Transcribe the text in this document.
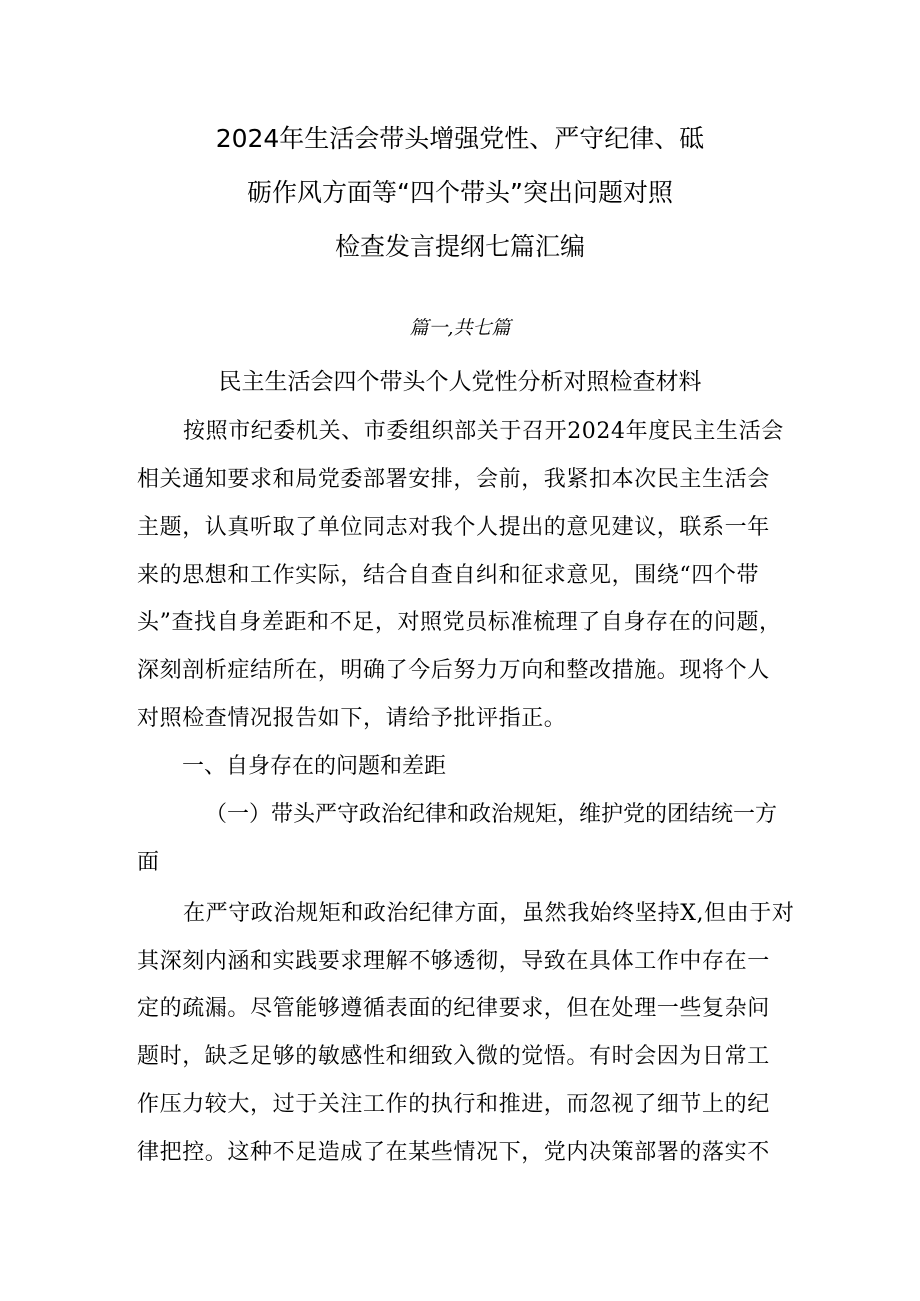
2024年生活会带头增强党性、严守纪律、砥
砺作风方面等“四个带头”突出问题对照
检查发言提纲七篇汇编
篇一,共七篇
民主生活会四个带头个人党性分析对照检查材料
按照市纪委机关、市委组织部关于召开2024年度民主生活会
相关通知要求和局党委部署安排，会前，我紧扣本次民主生活会
主题，认真听取了单位同志对我个人提出的意见建议，联系一年
来的思想和工作实际，结合自查自纠和征求意见，围绕“四个带
头”查找自身差距和不足，对照党员标准梳理了自身存在的问题，
深刻剖析症结所在，明确了今后努力万向和整改措施。现将个人
对照检查情况报告如下，请给予批评指正。
一、自身存在的问题和差距
（一）带头严守政治纪律和政治规矩，维护党的团结统一方
面
在严守政治规矩和政治纪律方面，虽然我始终坚持X,但由于对
其深刻内涵和实践要求理解不够透彻，导致在具体工作中存在一
定的疏漏。尽管能够遵循表面的纪律要求，但在处理一些复杂问
题时，缺乏足够的敏感性和细致入微的觉悟。有时会因为日常工
作压力较大，过于关注工作的执行和推进，而忽视了细节上的纪
律把控。这种不足造成了在某些情况下，党内决策部署的落实不
